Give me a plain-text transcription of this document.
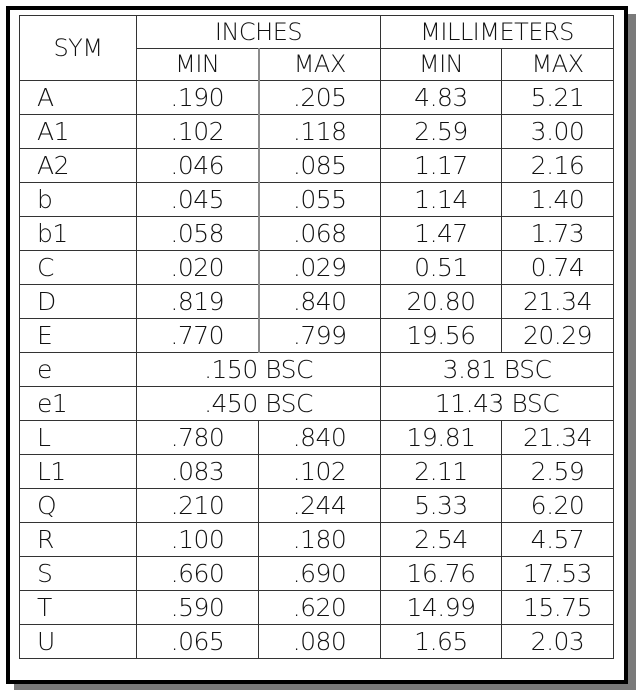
SYM	INCHES		MILLIMETERS	
	MIN	MAX	MIN	MAX
A	.190	.205	4.83	5.21
A1	.102	.118	2.59	3.00
A2	.046	.085	1.17	2.16
b	.045	.055	1.14	1.40
b1	.058	.068	1.47	1.73
C	.020	.029	0.51	0.74
D	.819	.840	20.80	21.34
E	.770	.799	19.56	20.29
e	.150 BSC		3.81 BSC	
e1	.450 BSC		11.43 BSC	
L	.780	.840	19.81	21.34
L1	.083	.102	2.11	2.59
Q	.210	.244	5.33	6.20
R	.100	.180	2.54	4.57
S	.660	.690	16.76	17.53
T	.590	.620	14.99	15.75
U	.065	.080	1.65	2.03
